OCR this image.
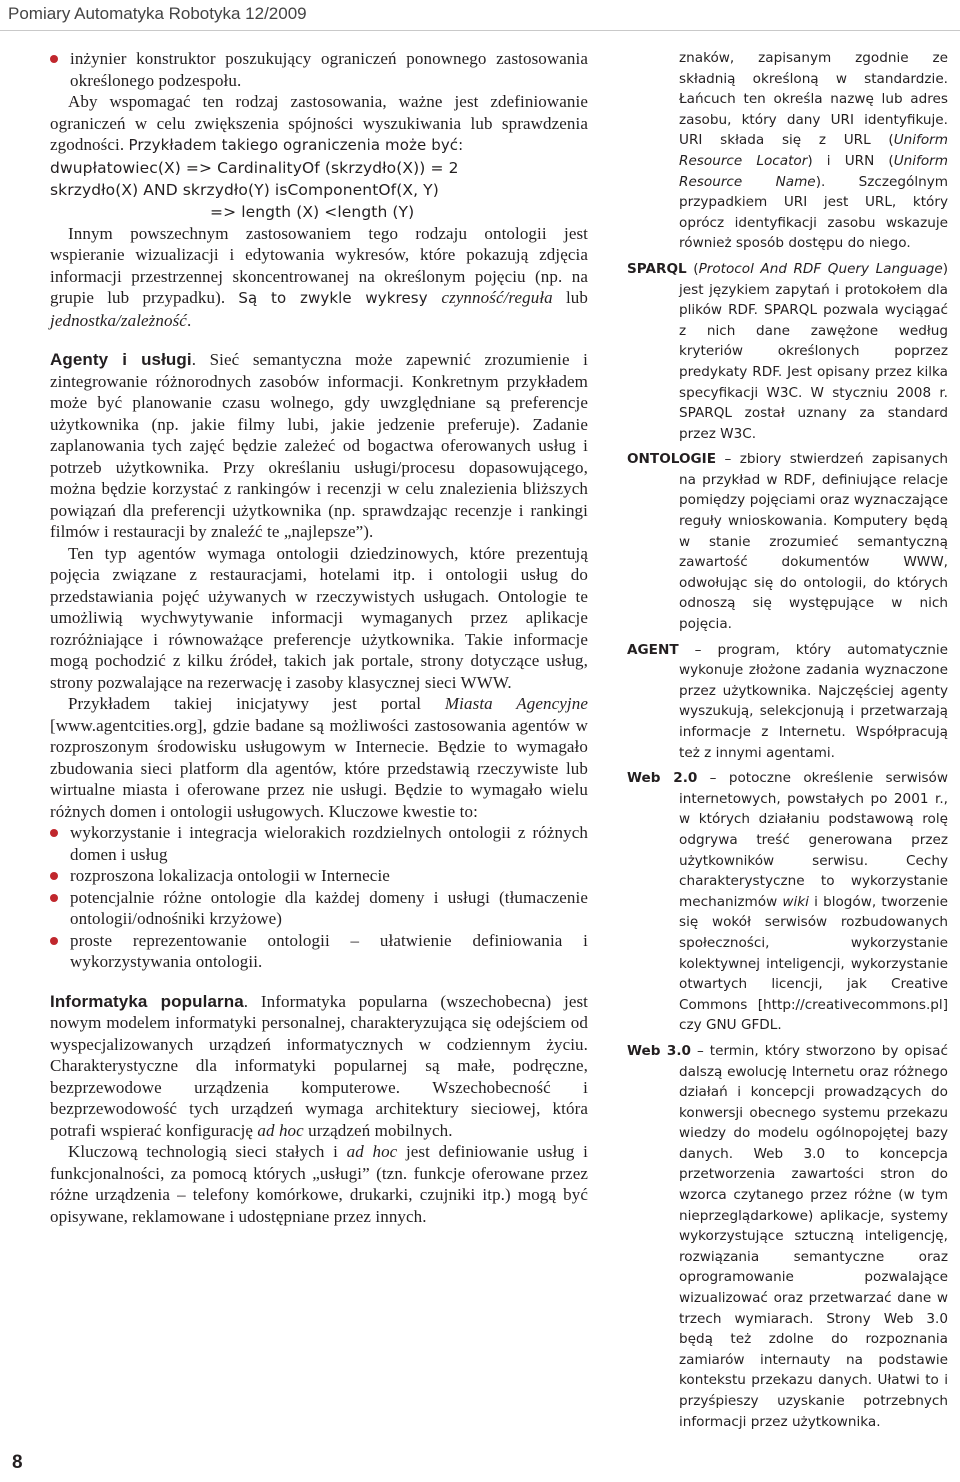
Pomiary Automatyka Robotyka 12/2009

inżynier konstruktor poszukujący ograniczeń ponownego zastosowania określonego podzespołu.

Aby wspomagać ten rodzaj zastosowania, ważne jest zdefiniowanie ograniczeń w celu zwiększenia spójności wyszukiwania lub sprawdzenia zgodności. Przykładem takiego ograniczenia może być:

dwupłatowiec(X) => CardinalityOf (skrzydło(X)) = 2
skrzydło(X) AND skrzydło(Y) isComponentOf(X, Y)
=> length (X) <length (Y)

Innym powszechnym zastosowaniem tego rodzaju ontologii jest wspieranie wizualizacji i edytowania wykresów, które pokazują zdjęcia informacji przestrzennej skoncentrowanej na określonym pojęciu (np. na grupie lub przypadku). Są to zwykle wykresy czynność/reguła lub jednostka/zależność.

Agenty i usługi. Sieć semantyczna może zapewnić zrozumienie i zintegrowanie różnorodnych zasobów informacji. Konkretnym przykładem może być planowanie czasu wolnego, gdy uwzględniane są preferencje użytkownika (np. jakie filmy lubi, jakie jedzenie preferuje). Zadanie zaplanowania tych zajęć będzie zależeć od bogactwa oferowanych usług i potrzeb użytkownika. Przy określaniu usługi/procesu dopasowującego, można będzie korzystać z rankingów i recenzji w celu znalezienia bliższych powiązań dla preferencji użytkownika (np. sprawdzając recenzje i rankingi filmów i restauracji by znaleźć te „najlepsze”).

Ten typ agentów wymaga ontologii dziedzinowych, które prezentują pojęcia związane z restauracjami, hotelami itp. i ontologii usług do przedstawiania pojęć używanych w rzeczywistych usługach. Ontologie te umożliwią wychwytywanie informacji wymaganych przez aplikacje rozróżniające i równoważące preferencje użytkownika. Takie informacje mogą pochodzić z kilku źródeł, takich jak portale, strony dotyczące usług, strony pozwalające na rezerwację i zasoby klasycznej sieci WWW.

Przykładem takiej inicjatywy jest portal Miasta Agencyjne [www.agentcities.org], gdzie badane są możliwości zastosowania agentów w rozproszonym środowisku usługowym w Internecie. Będzie to wymagało zbudowania sieci platform dla agentów, które przedstawią rzeczywiste lub wirtualne miasta i oferowane przez nie usługi. Będzie to wymagało wielu różnych domen i ontologii usługowych. Kluczowe kwestie to:

wykorzystanie i integracja wielorakich rozdzielnych ontologii z różnych domen i usług

rozproszona lokalizacja ontologii w Internecie

potencjalnie różne ontologie dla każdej domeny i usługi (tłumaczenie ontologii/odnośniki krzyżowe)

proste reprezentowanie ontologii – ułatwienie definiowania i wykorzystywania ontologii.

Informatyka popularna. Informatyka popularna (wszechobecna) jest nowym modelem informatyki personalnej, charakteryzująca się odejściem od wyspecjalizowanych urządzeń informatycznych w codziennym życiu. Charakterystyczne dla informatyki popularnej są małe, podręczne, bezprzewodowe urządzenia komputerowe. Wszechobecność i bezprzewodowość tych urządzeń wymaga architektury sieciowej, która potrafi wspierać konfigurację ad hoc urządzeń mobilnych.

Kluczową technologią sieci stałych i ad hoc jest definiowanie usług i funkcjonalności, za pomocą których „usługi” (tzn. funkcje oferowane przez różne urządzenia – telefony komórkowe, drukarki, czujniki itp.) mogą być opisywane, reklamowane i udostępniane przez innych.

znaków, zapisanym zgodnie ze składnią określoną w standardzie. Łańcuch ten określa nazwę lub adres zasobu, który dany URI identyfikuje. URI składa się z URL (Uniform Resource Locator) i URN (Uniform Resource Name). Szczególnym przypadkiem URI jest URL, który oprócz identyfikacji zasobu wskazuje również sposób dostępu do niego.

SPARQL (Protocol And RDF Query Language) jest językiem zapytań i protokołem dla plików RDF. SPARQL pozwala wyciągać z nich dane zawężone według kryteriów określonych poprzez predykaty RDF. Jest opisany przez kilka specyfikacji W3C. W styczniu 2008 r. SPARQL został uznany za standard przez W3C.

ONTOLOGIE – zbiory stwierdzeń zapisanych na przykład w RDF, definiujące relacje pomiędzy pojęciami oraz wyznaczające reguły wnioskowania. Komputery będą w stanie zrozumieć semantyczną zawartość dokumentów WWW, odwołując się do ontologii, do których odnoszą się występujące w nich pojęcia.

AGENT – program, który automatycznie wykonuje złożone zadania wyznaczone przez użytkownika. Najczęściej agenty wyszukują, selekcjonują i przetwarzają informacje z Internetu. Współpracują też z innymi agentami.

Web 2.0 – potoczne określenie serwisów internetowych, powstałych po 2001 r., w których działaniu podstawową rolę odgrywa treść generowana przez użytkowników serwisu. Cechy charakterystyczne to wykorzystanie mechanizmów wiki i blogów, tworzenie się wokół serwisów rozbudowanych społeczności, wykorzystanie kolektywnej inteligencji, wykorzystanie otwartych licencji, jak Creative Commons [http://creativecommons.pl] czy GNU GFDL.

Web 3.0 – termin, który stworzono by opisać dalszą ewolucję Internetu oraz różnego działań i koncepcji prowadzących do konwersji obecnego systemu przekazu wiedzy do modelu ogólnopojętej bazy danych. Web 3.0 to koncepcja przetworzenia zawartości stron do wzorca czytanego przez różne (w tym nieprzeglądarkowe) aplikacje, systemy wykorzystujące sztuczną inteligencję, rozwiązania semantyczne oraz oprogramowanie pozwalające wizualizować oraz przetwarzać dane w trzech wymiarach. Strony Web 3.0 będą też zdolne do rozpoznania zamiarów internauty na podstawie kontekstu przekazu danych. Ułatwi to i przyśpieszy uzyskanie potrzebnych informacji przez użytkownika.

8
